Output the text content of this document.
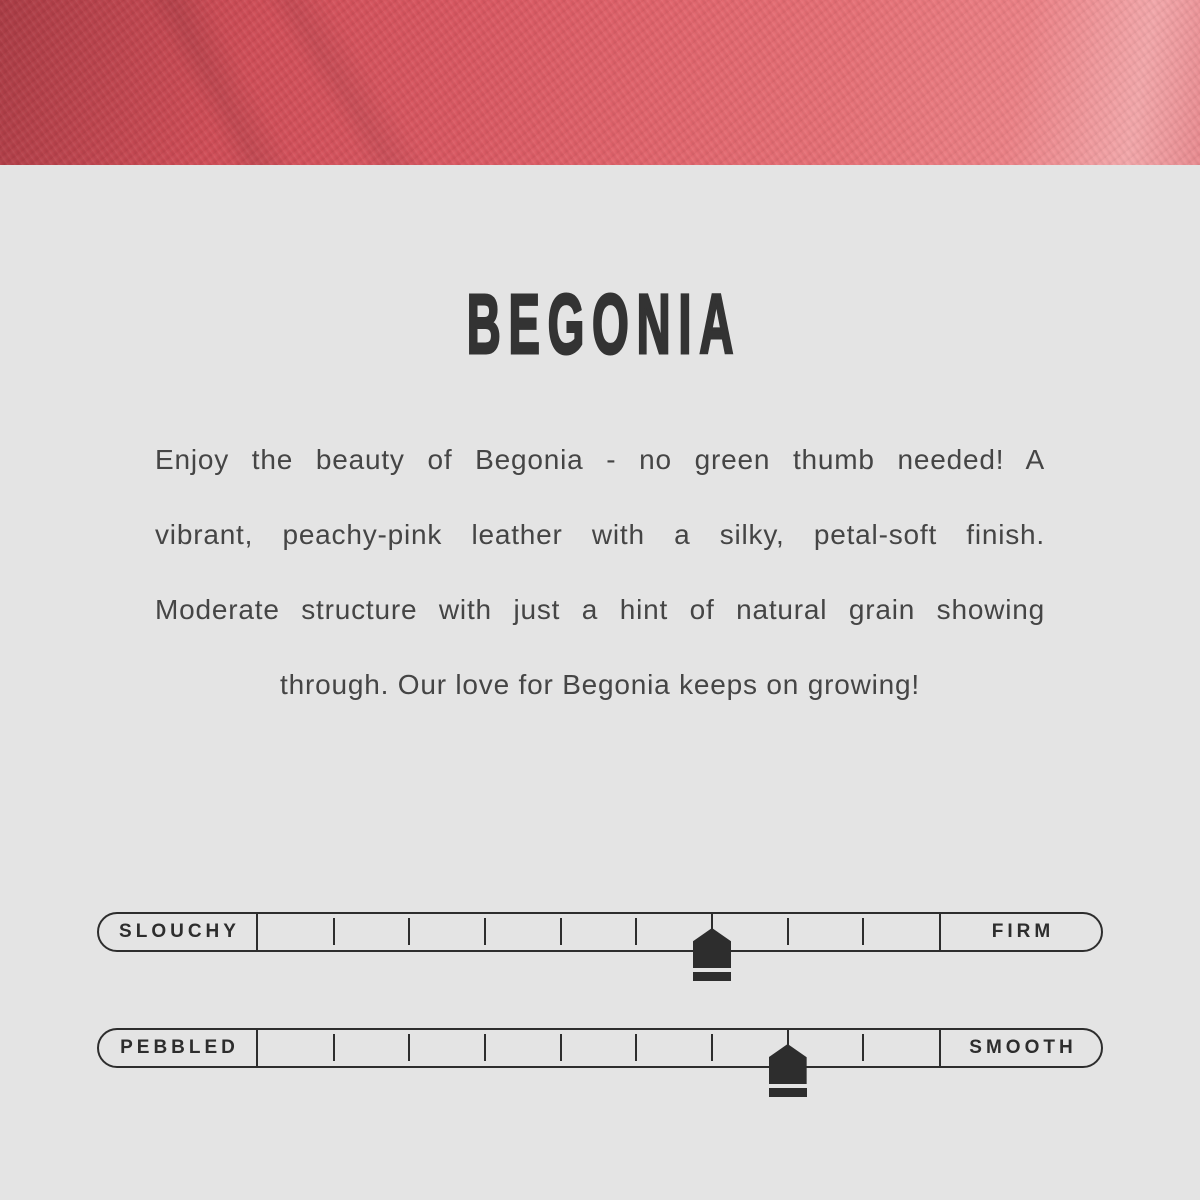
BEGONIA
Enjoy the beauty of Begonia - no green thumb needed! A
vibrant, peachy-pink leather with a silky, petal-soft finish.
Moderate structure with just a hint of natural grain showing
through. Our love for Begonia keeps on growing!
SLOUCHY	FIRM
PEBBLED	SMOOTH
